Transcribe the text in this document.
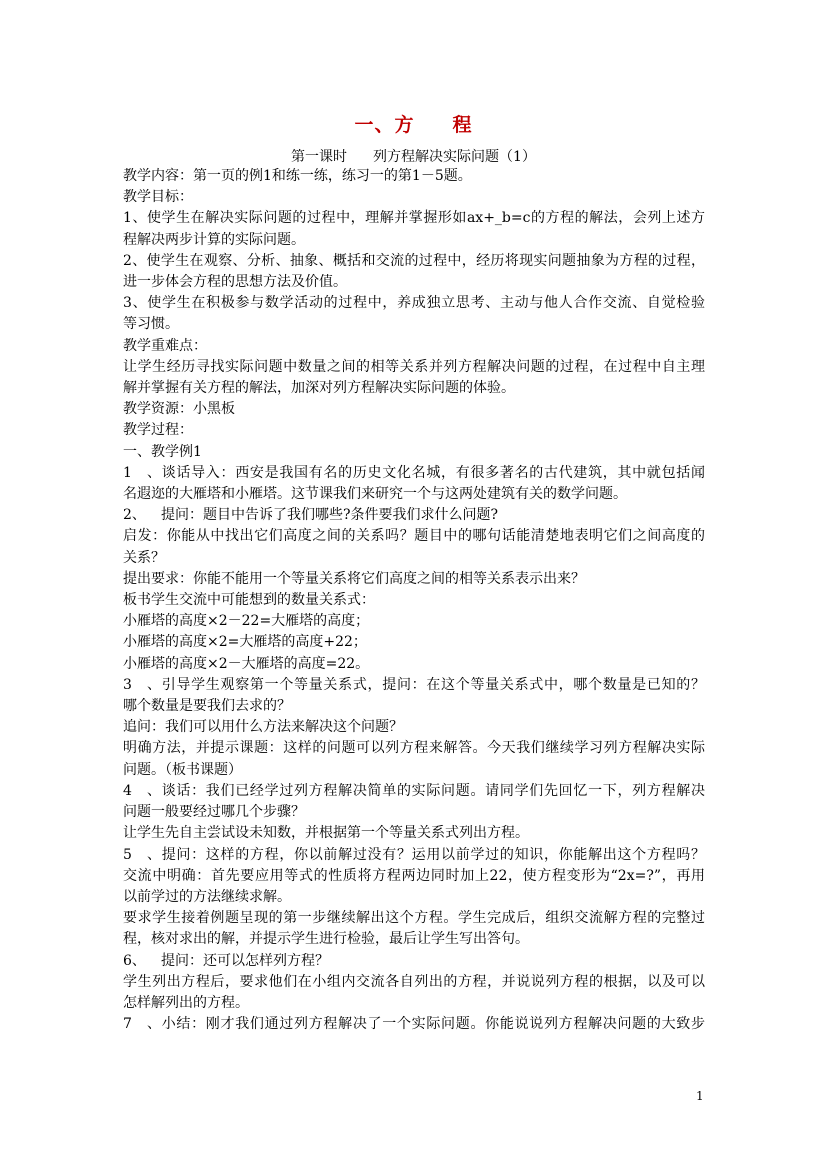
一、方 程
第一课时 列方程解决实际问题（1）

教学内容：第一页的例1和练一练，练习一的第1－5题。

教学目标：

1、使学生在解决实际问题的过程中，理解并掌握形如ax+_b=c的方程的解法，会列上述方

程解决两步计算的实际问题。

2、使学生在观察、分析、抽象、概括和交流的过程中，经历将现实问题抽象为方程的过程，

进一步体会方程的思想方法及价值。

3、使学生在积极参与数学活动的过程中，养成独立思考、主动与他人合作交流、自觉检验

等习惯。

教学重难点：

让学生经历寻找实际问题中数量之间的相等关系并列方程解决问题的过程，在过程中自主理

解并掌握有关方程的解法，加深对列方程解决实际问题的体验。

教学资源：小黑板

教学过程：

一、教学例1

1、谈话导入：西安是我国有名的历史文化名城，有很多著名的古代建筑，其中就包括闻

名遐迩的大雁塔和小雁塔。这节课我们来研究一个与这两处建筑有关的数学问题。

2、 提问：题目中告诉了我们哪些?条件要我们求什么问题?

启发：你能从中找出它们高度之间的关系吗？题目中的哪句话能清楚地表明它们之间高度的

关系？

提出要求：你能不能用一个等量关系将它们高度之间的相等关系表示出来？

板书学生交流中可能想到的数量关系式：

小雁塔的高度×2－22=大雁塔的高度；

小雁塔的高度×2=大雁塔的高度+22；

小雁塔的高度×2－大雁塔的高度=22。

3、引导学生观察第一个等量关系式，提问：在这个等量关系式中，哪个数量是已知的？

哪个数量是要我们去求的？

追问：我们可以用什么方法来解决这个问题？

明确方法，并提示课题：这样的问题可以列方程来解答。今天我们继续学习列方程解决实际

问题。（板书课题）

4、谈话：我们已经学过列方程解决简单的实际问题。请同学们先回忆一下，列方程解决

问题一般要经过哪几个步骤？

让学生先自主尝试设未知数，并根据第一个等量关系式列出方程。

5、提问：这样的方程，你以前解过没有？运用以前学过的知识，你能解出这个方程吗？

交流中明确：首先要应用等式的性质将方程两边同时加上22，使方程变形为“2x=?”，再用

以前学过的方法继续求解。

要求学生接着例题呈现的第一步继续解出这个方程。学生完成后，组织交流解方程的完整过

程，核对求出的解，并提示学生进行检验，最后让学生写出答句。

6、 提问：还可以怎样列方程？

学生列出方程后，要求他们在小组内交流各自列出的方程，并说说列方程的根据，以及可以

怎样解列出的方程。

7、小结：刚才我们通过列方程解决了一个实际问题。你能说说列方程解决问题的大致步

1
